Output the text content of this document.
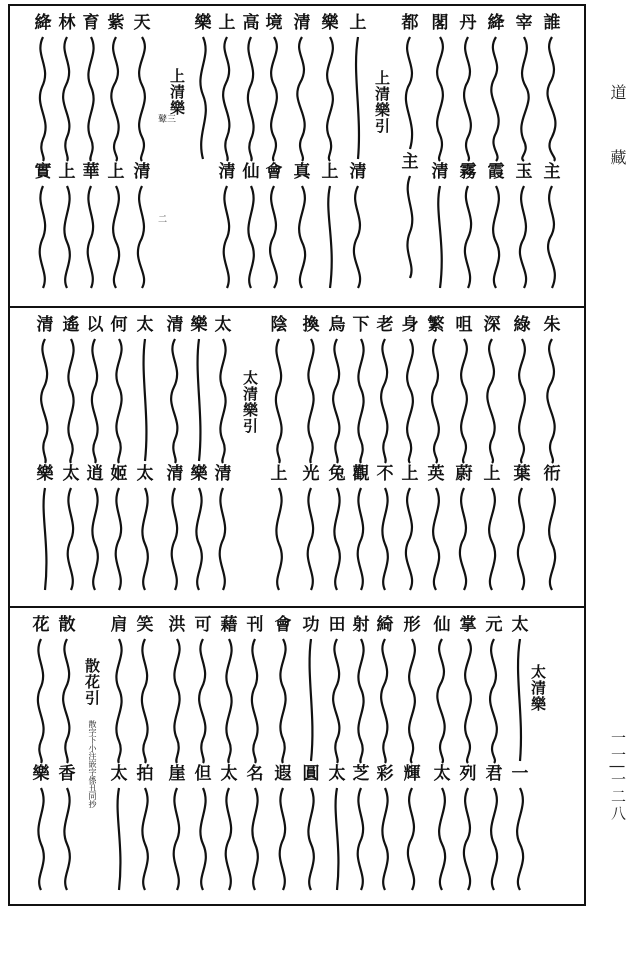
道 藏
一一|一二八
上清樂引
上清樂
鼙三
二
誰
主
宰
玉
絳
霞
丹
霧
閣
清
都
主
上
清
樂
上
清
真
境
會
高
仙
上
清
樂
天
清
紫
上
育
華
林
上
絳
實
太清樂引
朱
衎
綠
葉
深
上
咀
蔚
繁
英
身
上
老
不
下
觀
烏
兔
換
光
陰
上
太
清
樂
樂
清
清
太
太
何
姬
以
逍
遙
太
清
樂
太清樂
散花引
散字下小注嵌字係丑同抄
太
一
元
君
掌
列
仙
太
形
輝
綺
彩
射
芝
田
太
功
圓
會
遐
刊
名
藉
太
可
但
洪
崖
笑
拍
肩
太
散
香
花
樂
